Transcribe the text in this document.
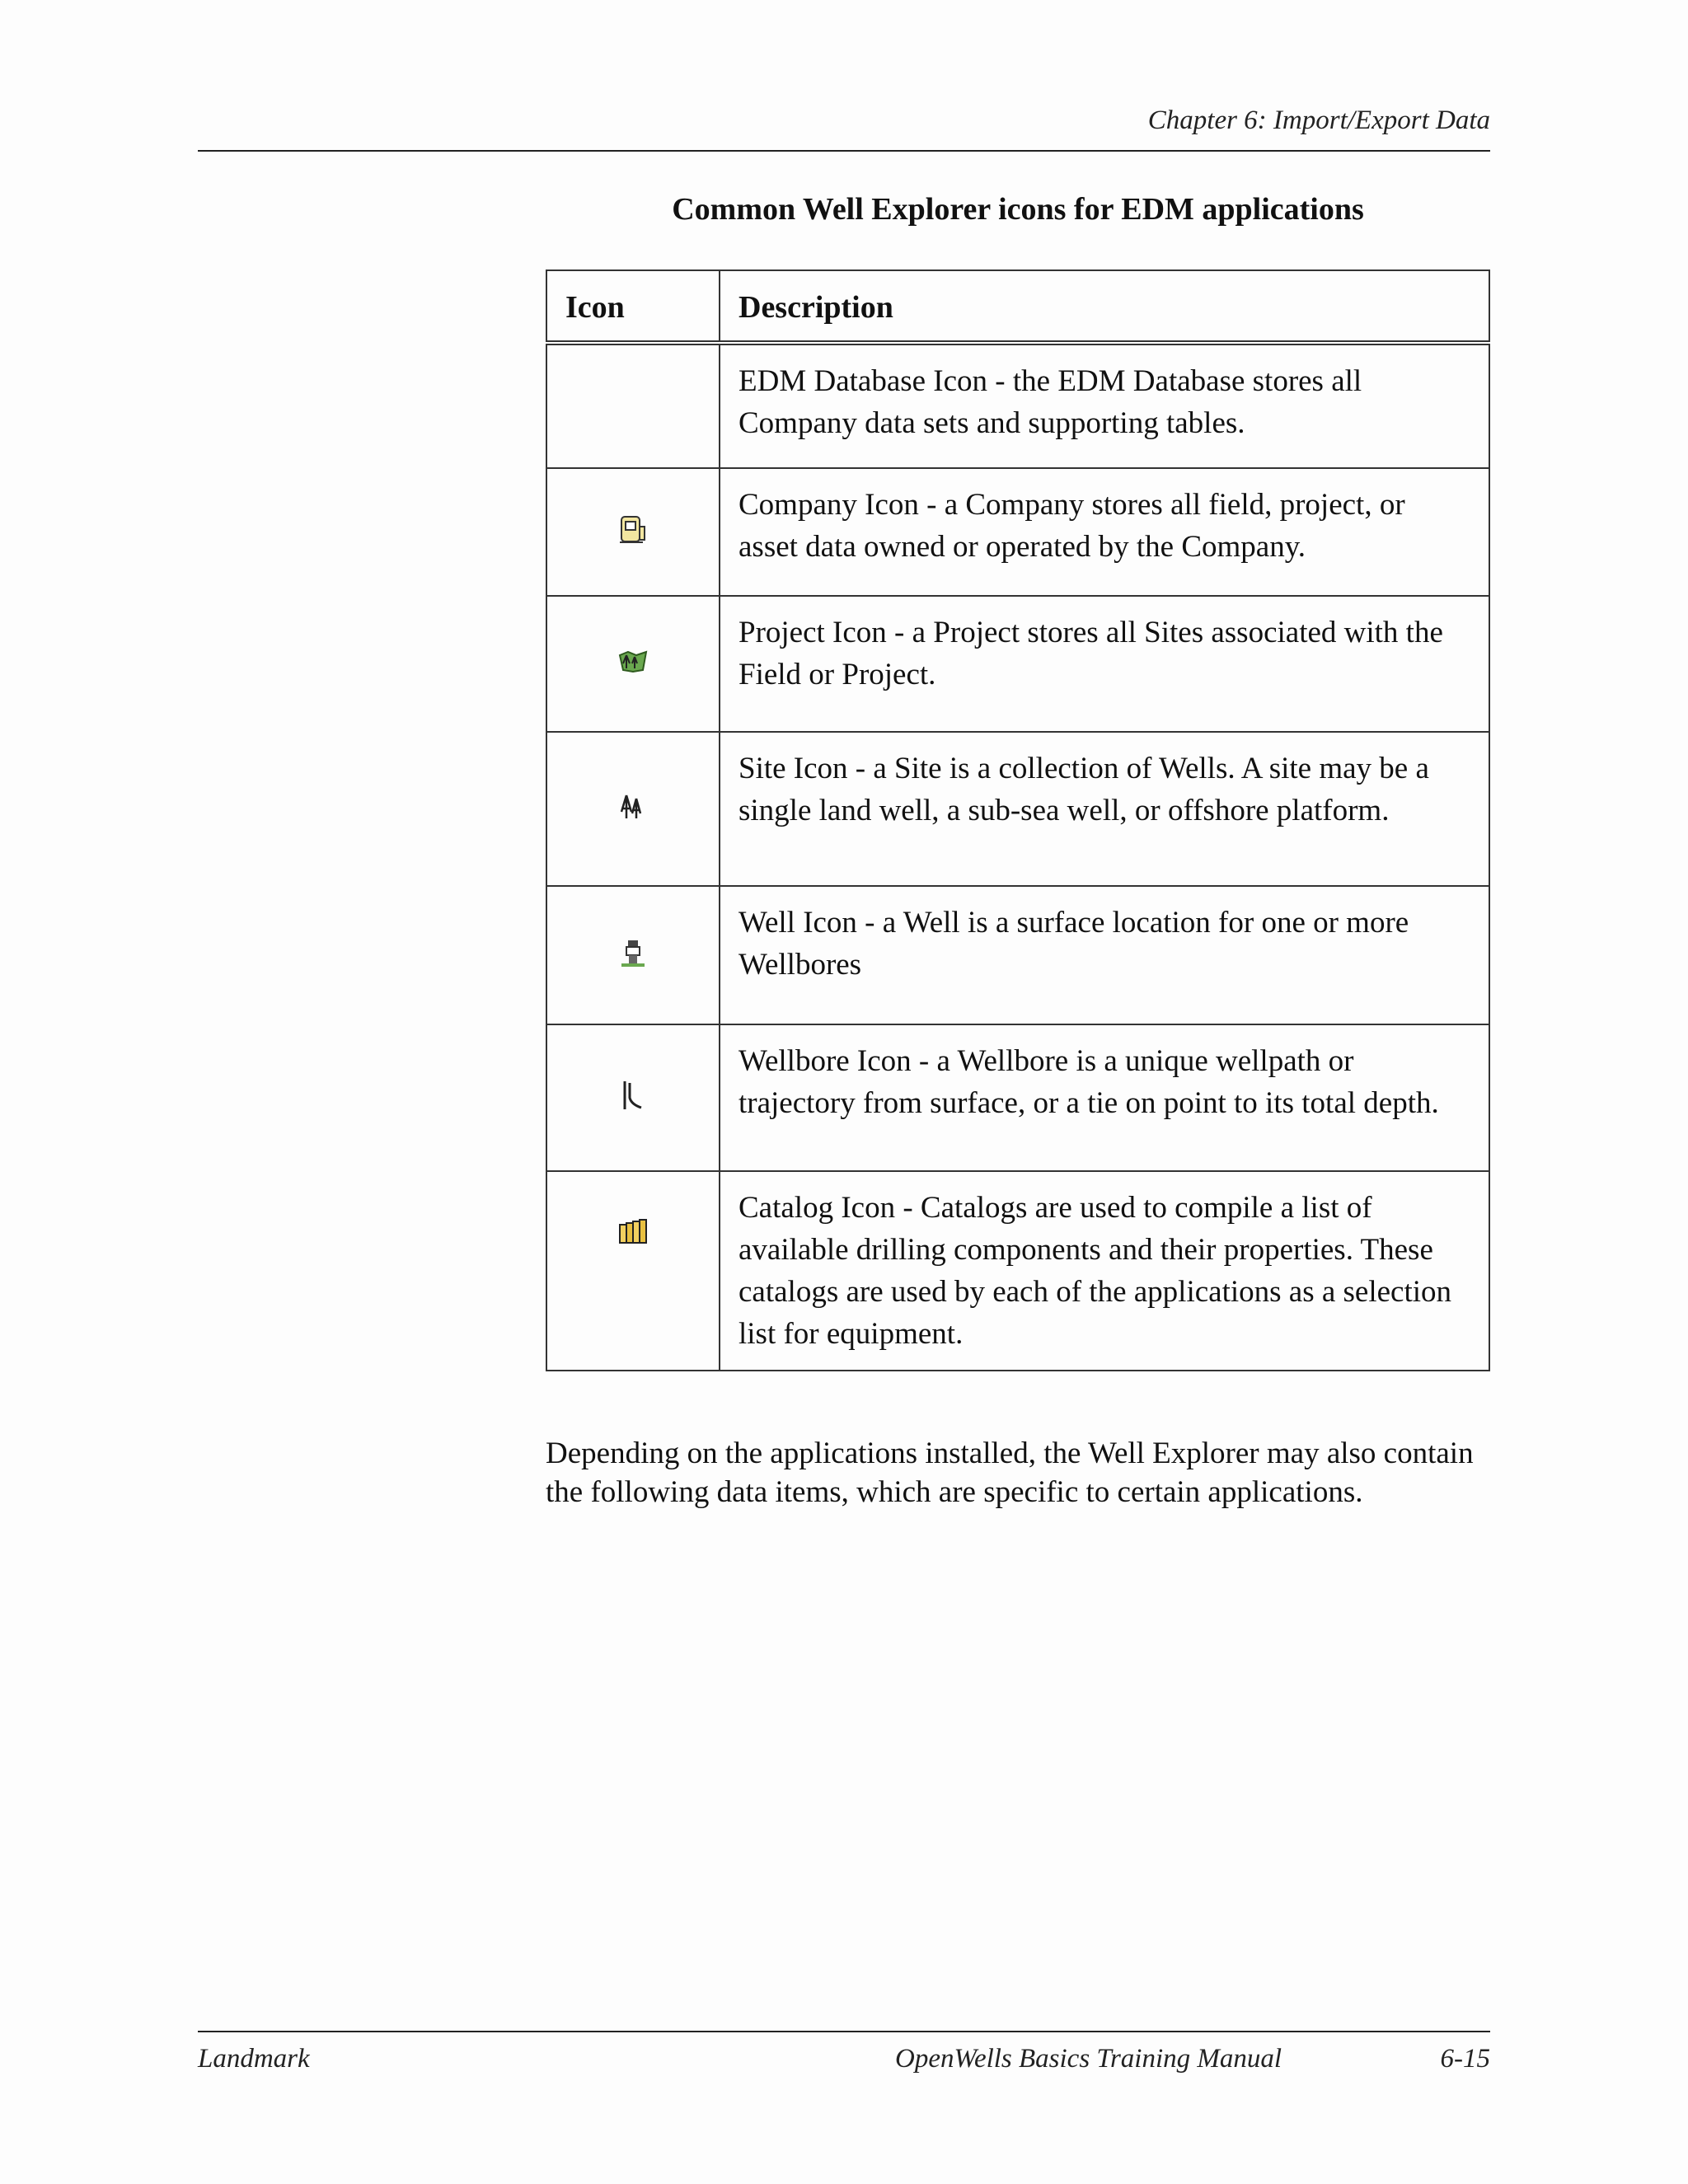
Chapter 6: Import/Export Data
Common Well Explorer icons for EDM applications
Icon	Description
	EDM Database Icon - the EDM Database stores all Company data sets and supporting tables.
	Company Icon - a Company stores all field, project, or asset data owned or operated by the Company.
	Project Icon - a Project stores all Sites associated with the Field or Project.
	Site Icon - a Site is a collection of Wells. A site may be a single land well, a sub-sea well, or offshore platform.
	Well Icon - a Well is a surface location for one or more Wellbores
	Wellbore Icon - a Wellbore is a unique wellpath or trajectory from surface, or a tie on point to its total depth.
	Catalog Icon - Catalogs are used to compile a list of available drilling components and their properties. These catalogs are used by each of the applications as a selection list for equipment.
Depending on the applications installed, the Well Explorer may also contain the following data items, which are specific to certain applications.
Landmark	OpenWells Basics Training Manual	6-15
